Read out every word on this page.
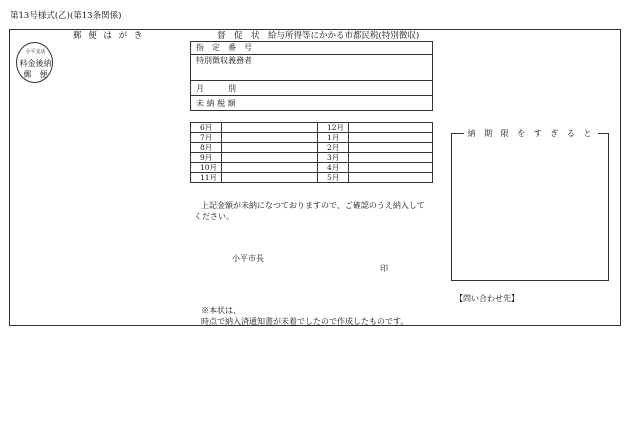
第13号様式(乙)(第13条関係)
郵 便 は が き	督　促　状　給与所得等にかかる市都民税(特別徴収)
小平支店
料金後納
郵　便
指　定　番　号
特別徴収義務者
月　　　別
未 納 税 額
6月		12月	
7月		1月	
8月		2月	
9月		3月	
10月		4月	
11月		5月	
上記金額が未納になつておりますので、ご確認のうえ納入して
ください。
小平市長
印
納 期 限 を す ぎ る と
【問い合わせ先】
※本状は、
時点で納入済通知書が未着でしたので作成したものです。
